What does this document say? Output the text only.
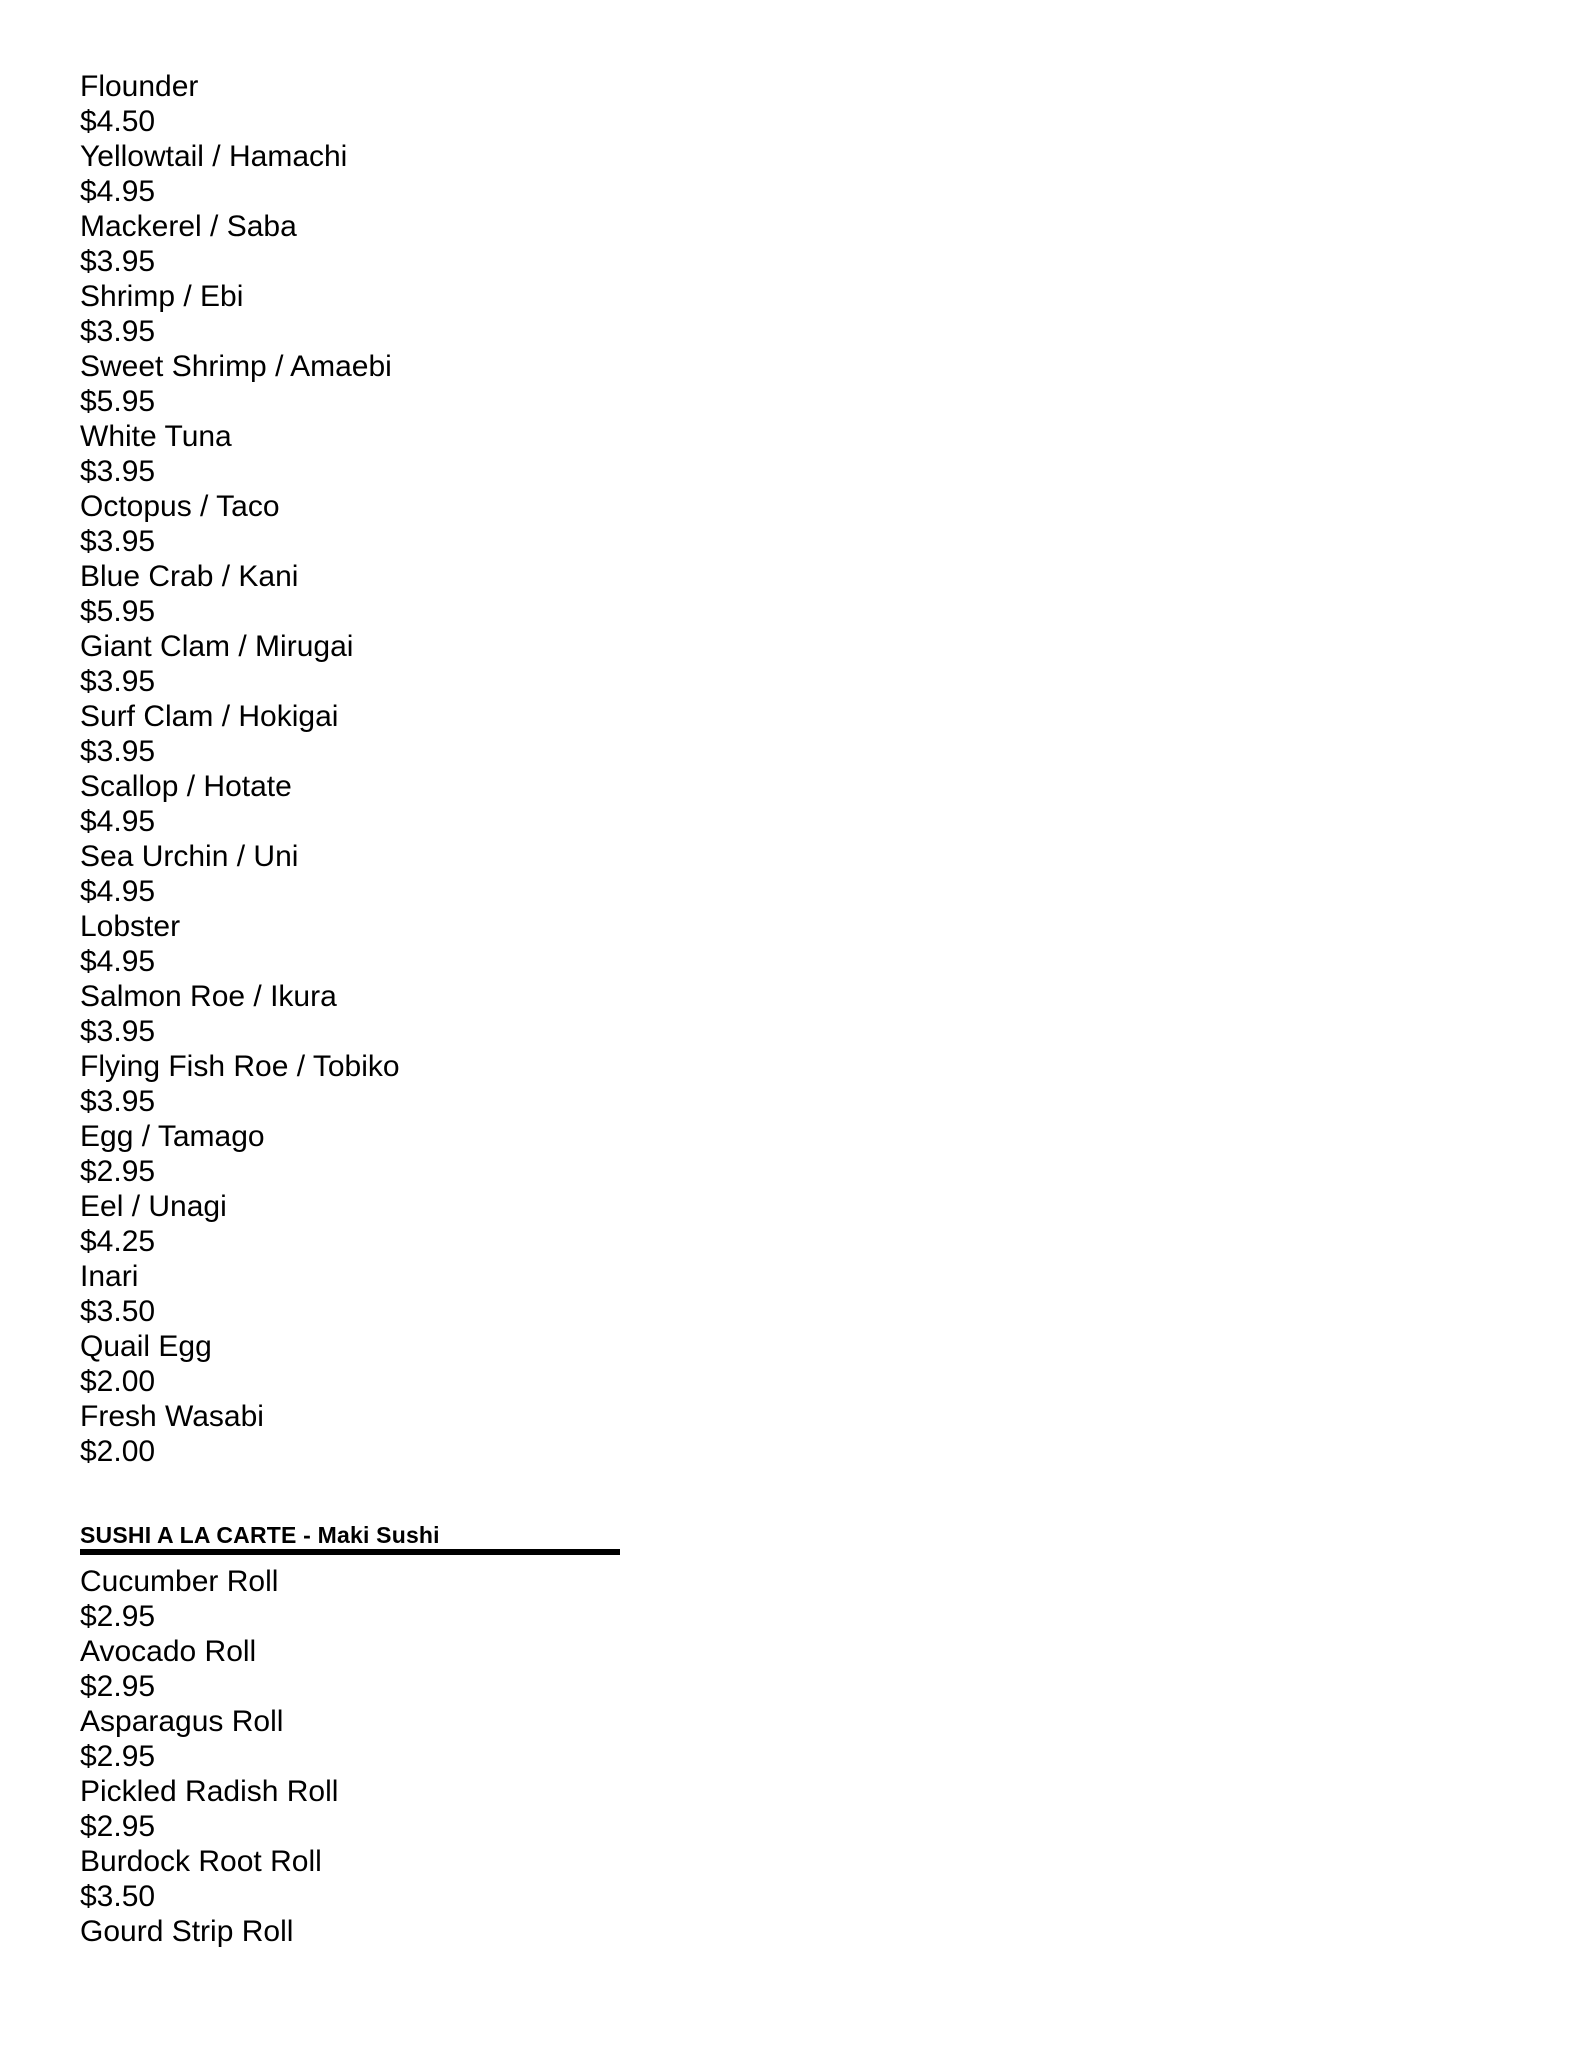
Flounder
$4.50
Yellowtail / Hamachi
$4.95
Mackerel / Saba
$3.95
Shrimp / Ebi
$3.95
Sweet Shrimp / Amaebi
$5.95
White Tuna
$3.95
Octopus / Taco
$3.95
Blue Crab / Kani
$5.95
Giant Clam / Mirugai
$3.95
Surf Clam / Hokigai
$3.95
Scallop / Hotate
$4.95
Sea Urchin / Uni
$4.95
Lobster
$4.95
Salmon Roe / Ikura
$3.95
Flying Fish Roe / Tobiko
$3.95
Egg / Tamago
$2.95
Eel / Unagi
$4.25
Inari
$3.50
Quail Egg
$2.00
Fresh Wasabi
$2.00
SUSHI A LA CARTE - Maki Sushi
Cucumber Roll
$2.95
Avocado Roll
$2.95
Asparagus Roll
$2.95
Pickled Radish Roll
$2.95
Burdock Root Roll
$3.50
Gourd Strip Roll
